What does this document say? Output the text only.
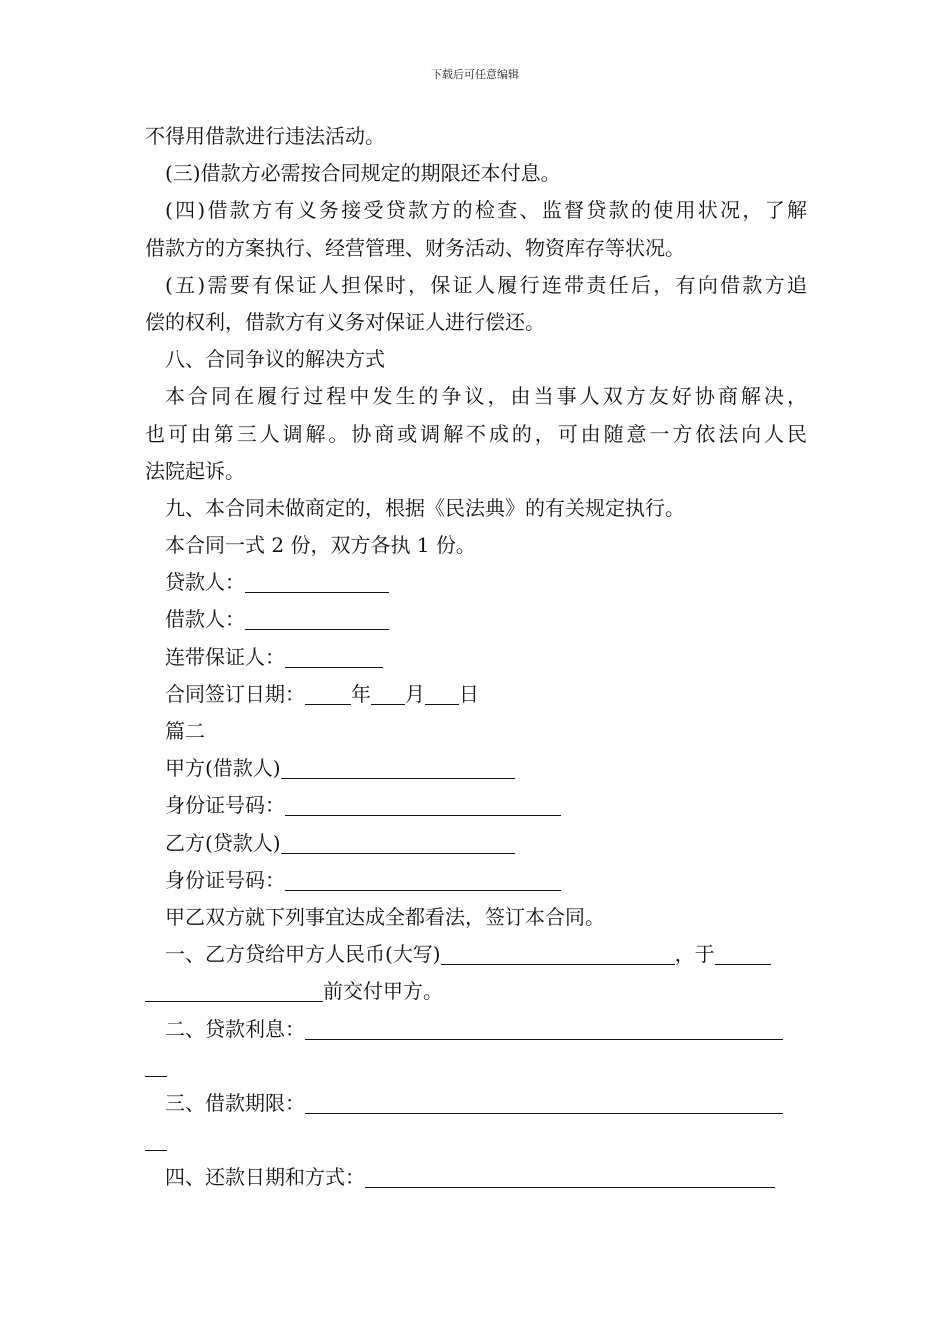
下载后可任意编辑
不得用借款进行违法活动。
(三)借款方必需按合同规定的期限还本付息。
(四)借款方有义务接受贷款方的检查、监督贷款的使用状况，了解
借款方的方案执行、经营管理、财务活动、物资库存等状况。
(五)需要有保证人担保时，保证人履行连带责任后，有向借款方追
偿的权利，借款方有义务对保证人进行偿还。
八、合同争议的解决方式
本合同在履行过程中发生的争议，由当事人双方友好协商解决，
也可由第三人调解。协商或调解不成的，可由随意一方依法向人民
法院起诉。
九、本合同未做商定的，根据《民法典》的有关规定执行。
本合同一式 2 份，双方各执 1 份。
贷款人：
借款人：
连带保证人：
合同签订日期： 年 月 日
篇二
甲方(借款人)
身份证号码：
乙方(贷款人)
身份证号码：
甲乙双方就下列事宜达成全都看法，签订本合同。
一、乙方贷给甲方人民币(大写)	，于
前交付甲方。
二、贷款利息：
三、借款期限：
四、还款日期和方式：
